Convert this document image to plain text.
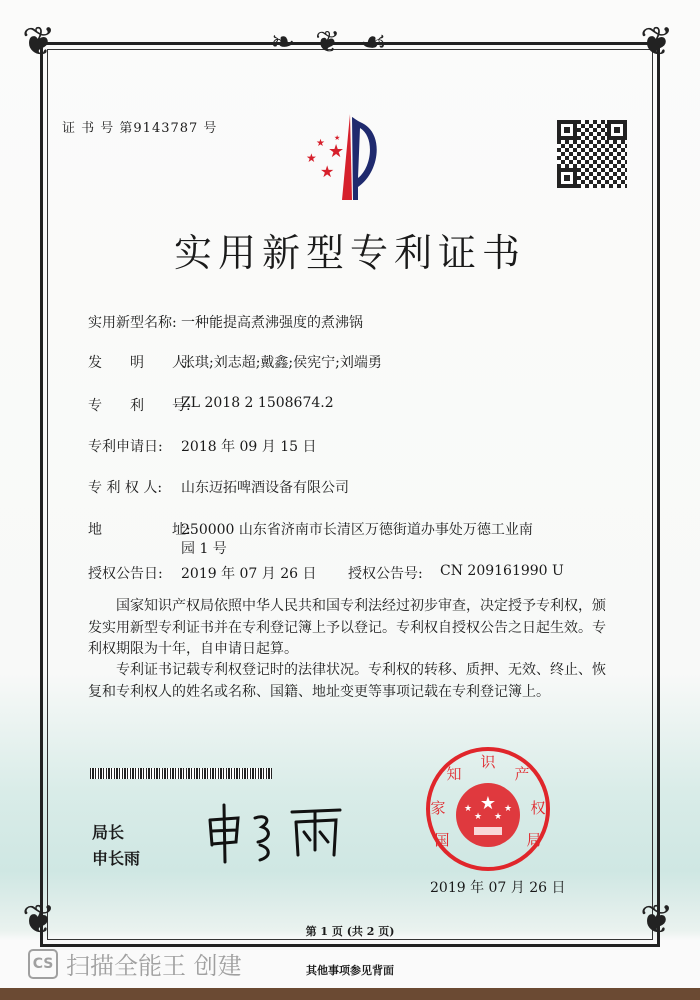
❦	❦
❦	❦
❧❦☙
证 书 号 第9143787 号
★
★
★
★ ★
实用新型专利证书
实用新型名称: 一种能提高煮沸强度的煮沸锅
发　　明　　人:
张琪;刘志超;戴鑫;侯宪宁;刘端勇
专　　利　　号:
ZL 2018 2 1508674.2
专利申请日: 2018 年 09 月 15 日
专 利 权 人: 山东迈拓啤酒设备有限公司
地　　　　　址:
250000 山东省济南市长清区万德街道办事处万德工业南
园 1 号
授权公告日: 2019 年 07 月 26 日 授权公告号: CN 209161990 U
国家知识产权局依照中华人民共和国专利法经过初步审查，决定授予专利权，颁发实用新型专利证书并在专利登记簿上予以登记。专利权自授权公告之日起生效。专利权期限为十年，自申请日起算。
专利证书记载专利权登记时的法律状况。专利权的转移、质押、无效、终止、恢复和专利权人的姓名或名称、国籍、地址变更等事项记载在专利登记簿上。
局长
申长雨
★
★ ★
★	★
国
家
知
识
产
权
局
2019 年 07 月 26 日
第 1 页 (共 2 页)
其他事项参见背面
CS 扫描全能王 创建
